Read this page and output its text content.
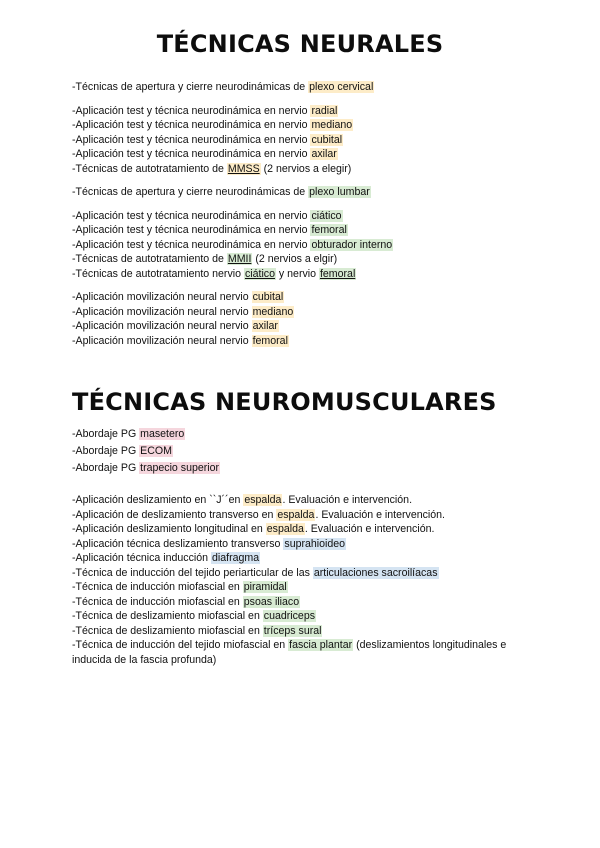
TÉCNICAS NEURALES
-Técnicas de apertura y cierre neurodinámicas de plexo cervical
-Aplicación test y técnica neurodinámica en nervio radial
-Aplicación test y técnica neurodinámica en nervio mediano
-Aplicación test y técnica neurodinámica en nervio cubital
-Aplicación test y técnica neurodinámica en nervio axilar
-Técnicas de autotratamiento de MMSS (2 nervios a elegir)
-Técnicas de apertura y cierre neurodinámicas de plexo lumbar
-Aplicación test y técnica neurodinámica en nervio ciático
-Aplicación test y técnica neurodinámica en nervio femoral
-Aplicación test y técnica neurodinámica en nervio obturador interno
-Técnicas de autotratamiento de MMII (2 nervios a elgir)
-Técnicas de autotratamiento nervio ciático y nervio femoral
-Aplicación movilización neural nervio cubital
-Aplicación movilización neural nervio mediano
-Aplicación movilización neural nervio axilar
-Aplicación movilización neural nervio femoral
TÉCNICAS NEUROMUSCULARES
-Abordaje PG masetero
-Abordaje PG ECOM
-Abordaje PG trapecio superior
-Aplicación deslizamiento en ``J´´en espalda. Evaluación e intervención.
-Aplicación de deslizamiento transverso en espalda. Evaluación e intervención.
-Aplicación deslizamiento longitudinal en espalda. Evaluación e intervención.
-Aplicación técnica deslizamiento transverso suprahioideo
-Aplicación técnica inducción diafragma
-Técnica de inducción del tejido periarticular de las articulaciones sacroilíacas
-Técnica de inducción miofascial en piramidal
-Técnica de inducción miofascial en psoas iliaco
-Técnica de deslizamiento miofascial en cuadriceps
-Técnica de deslizamiento miofascial en tríceps sural
-Técnica de inducción del tejido miofascial en fascia plantar (deslizamientos longitudinales e inducida de la fascia profunda)
